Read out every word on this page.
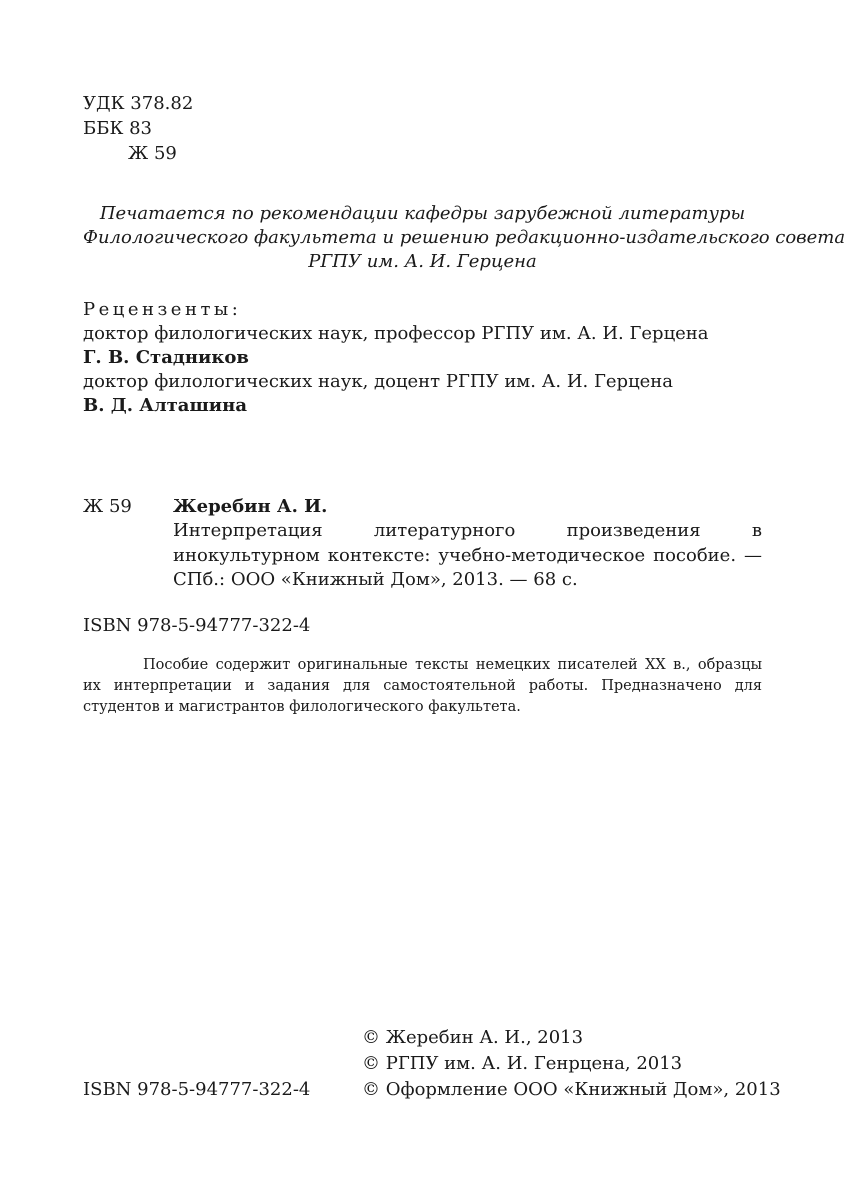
УДК 378.82
ББК 83
Ж 59
Печатается по рекомендации кафедры зарубежной литературы
Филологического факультета и решению редакционно-издательского совета
РГПУ им. А. И. Герцена
Рецензенты:
доктор филологических наук, профессор РГПУ им. А. И. Герцена
Г. В. Стадников
доктор филологических наук, доцент РГПУ им. А. И. Герцена
В. Д. Алташина
Ж 59 Жеребин А. И.
Интерпретация литературного произведения в инокультурном контексте: учебно-методическое пособие. — СПб.: ООО «Книжный Дом», 2013. — 68 с.
ISBN 978-5-94777-322-4
Пособие содержит оригинальные тексты немецких писателей XX в., образцы их интерпретации и задания для самостоятельной работы. Предназначено для студентов и магистрантов филологического факультета.
© Жеребин А. И., 2013
© РГПУ им. А. И. Генрцена, 2013
ISBN 978-5-94777-322-4	© Оформление ООО «Книжный Дом», 2013
